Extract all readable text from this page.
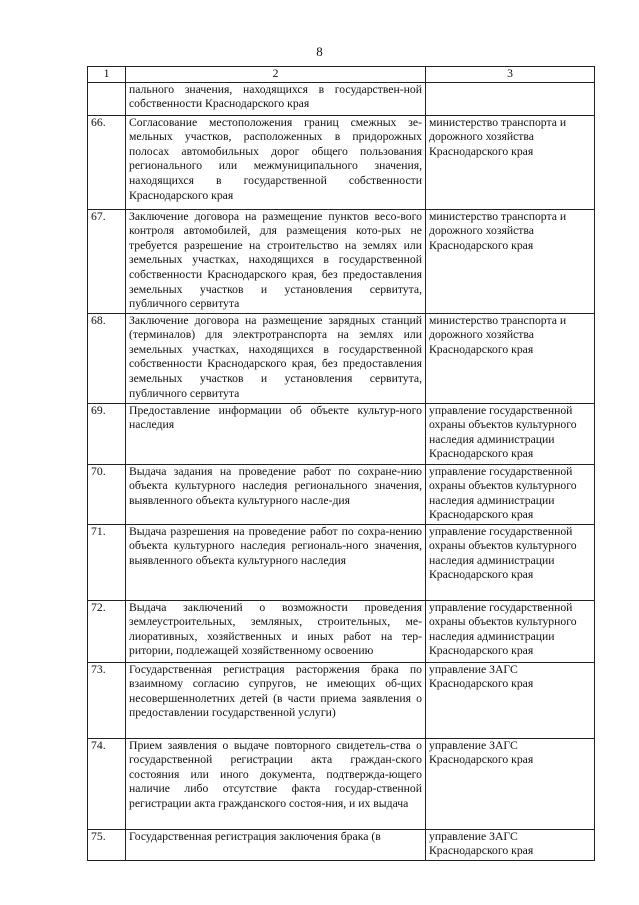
8
1	2	3
	пального значения, находящихся в государствен-ной собственности Краснодарского края	
66.	Согласование местоположения границ смежных зе-мельных участков, расположенных в придорожных полосах автомобильных дорог общего пользования регионального или межмуниципального значения, находящихся в государственной собственности Краснодарского края	министерство транспорта и дорожного хозяйства Краснодарского края
67.	Заключение договора на размещение пунктов весо-вого контроля автомобилей, для размещения кото-рых не требуется разрешение на строительство на землях или земельных участках, находящихся в государственной собственности Краснодарского края, без предоставления земельных участков и установления сервитута, публичного сервитута	министерство транспорта и дорожного хозяйства Краснодарского края
68.	Заключение договора на размещение зарядных станций (терминалов) для электротранспорта на землях или земельных участках, находящихся в государственной собственности Краснодарского края, без предоставления земельных участков и установления сервитута, публичного сервитута	министерство транспорта и дорожного хозяйства Краснодарского края
69.	Предоставление информации об объекте культур-ного наследия	управление государственной охраны объектов культурного наследия администрации Краснодарского края
70.	Выдача задания на проведение работ по сохране-нию объекта культурного наследия регионального значения, выявленного объекта культурного насле-дия	управление государственной охраны объектов культурного наследия администрации Краснодарского края
71.	Выдача разрешения на проведение работ по сохра-нению объекта культурного наследия региональ-ного значения, выявленного объекта культурного наследия	управление государственной охраны объектов культурного наследия администрации Краснодарского края
72.	Выдача заключений о возможности проведения землеустроительных, земляных, строительных, ме-лиоративных, хозяйственных и иных работ на тер-ритории, подлежащей хозяйственному освоению	управление государственной охраны объектов культурного наследия администрации Краснодарского края
73.	Государственная регистрация расторжения брака по взаимному согласию супругов, не имеющих об-щих несовершеннолетних детей (в части приема заявления о предоставлении государственной услуги)	управление ЗАГС Краснодарского края
74.	Прием заявления о выдаче повторного свидетель-ства о государственной регистрации акта граждан-ского состояния или иного документа, подтвержда-ющего наличие либо отсутствие факта государ-ственной регистрации акта гражданского состоя-ния, и их выдача	управление ЗАГС Краснодарского края
75.	Государственная регистрация заключения брака (в	управление ЗАГС Краснодарского края
